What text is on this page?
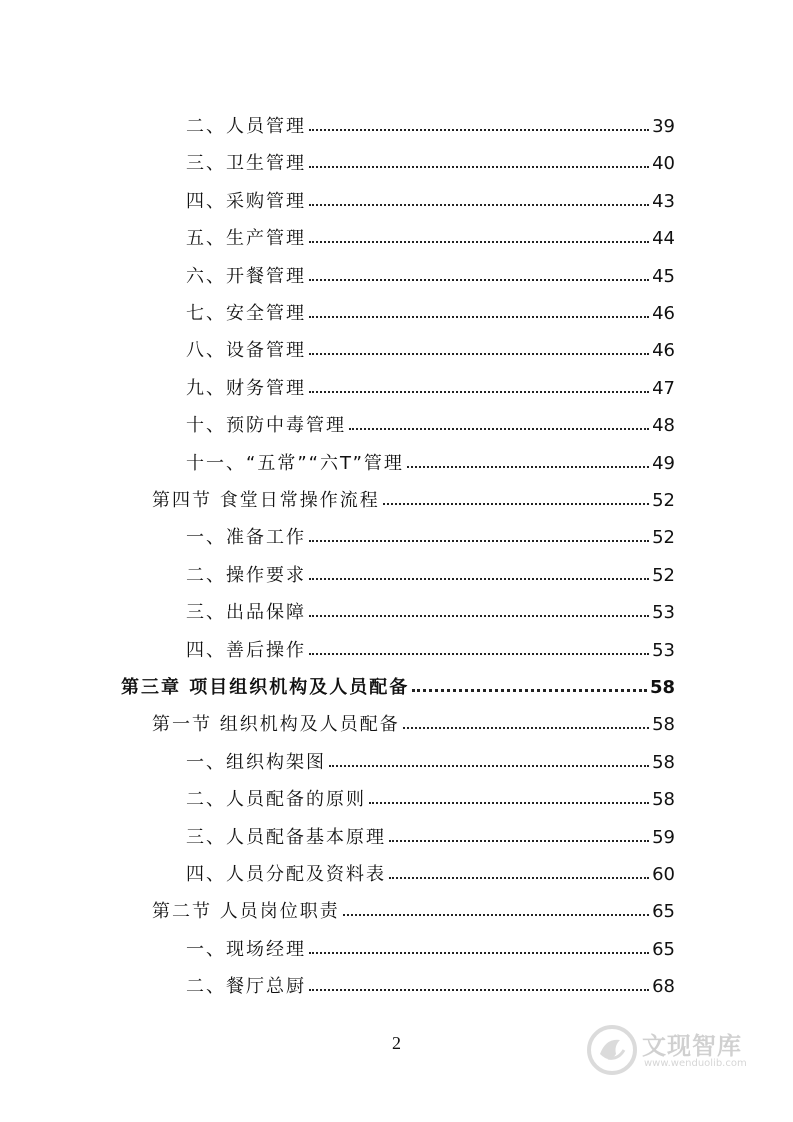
二、人员管理	39
三、卫生管理	40
四、采购管理	43
五、生产管理	44
六、开餐管理	45
七、安全管理	46
八、设备管理	46
九、财务管理	47
十、预防中毒管理	48
十一、“五常”“六T”管理	49
第四节 食堂日常操作流程	52
一、准备工作	52
二、操作要求	52
三、出品保障	53
四、善后操作	53
第三章 项目组织机构及人员配备	58
第一节 组织机构及人员配备	58
一、组织构架图	58
二、人员配备的原则	58
三、人员配备基本原理	59
四、人员分配及资料表	60
第二节 人员岗位职责	65
一、现场经理	65
二、餐厅总厨	68
2	文现智库
www.wenduolib.com
